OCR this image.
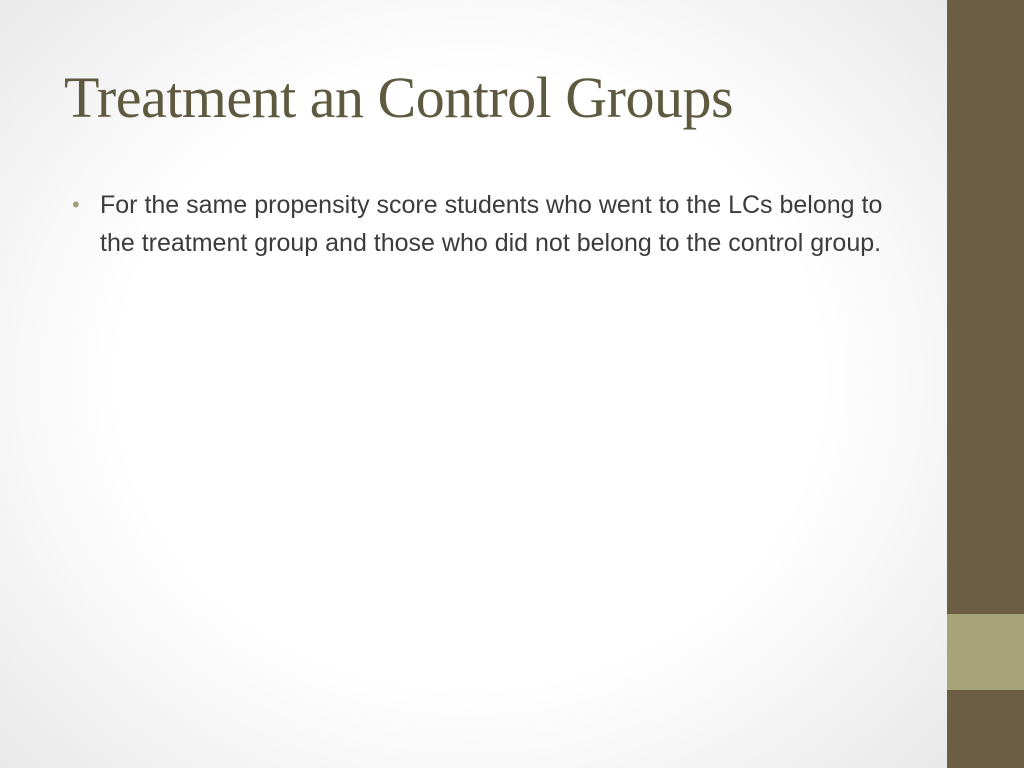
Treatment an Control Groups
• For the same propensity score students who went to the LCs belong to the treatment group and those who did not belong to the control group.
